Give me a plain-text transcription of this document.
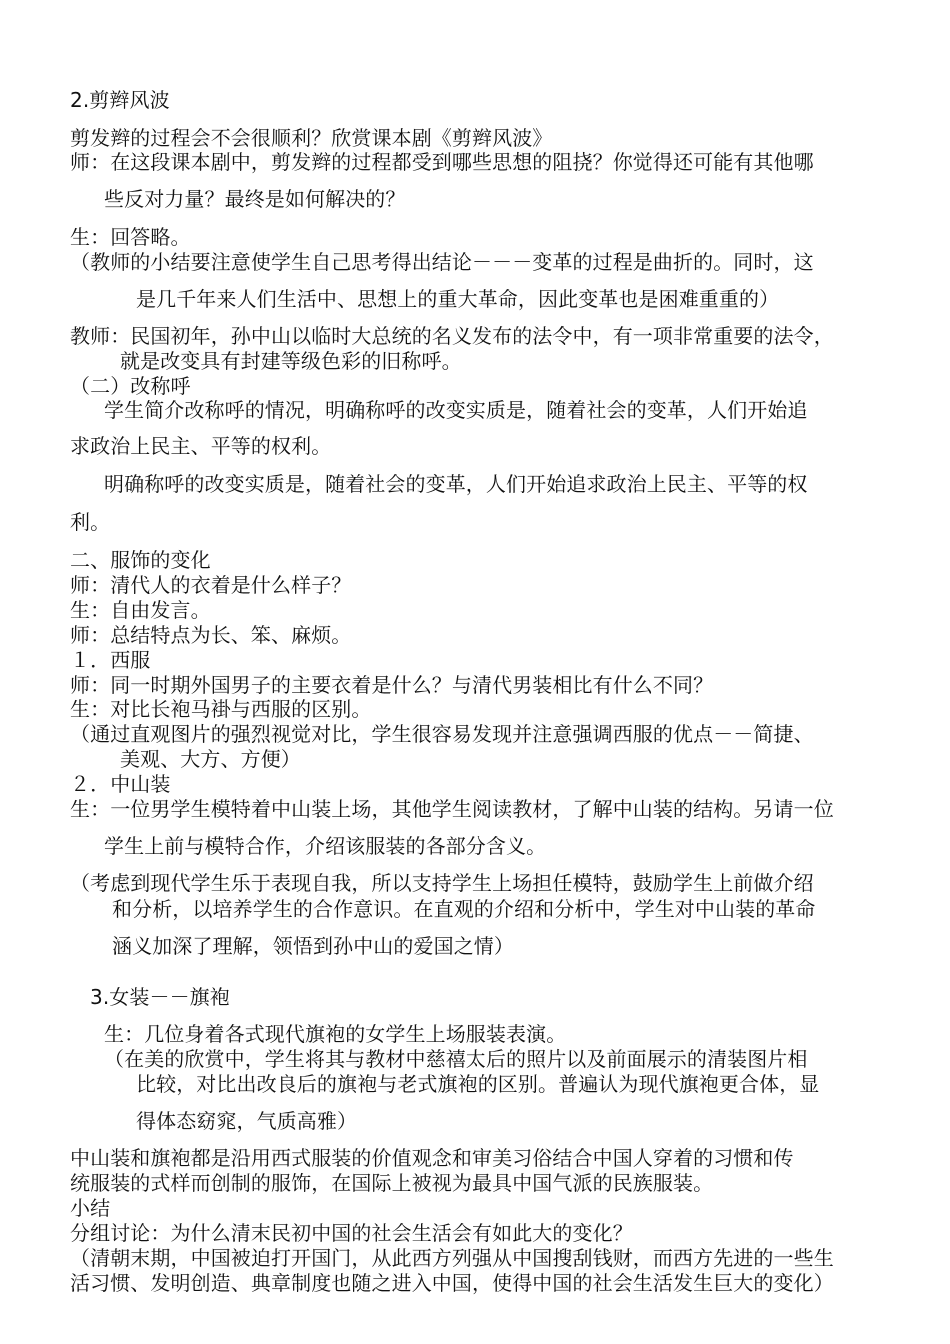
2.剪辫风波

剪发辫的过程会不会很顺利？欣赏课本剧《剪辫风波》

师：在这段课本剧中，剪发辫的过程都受到哪些思想的阻挠？你觉得还可能有其他哪

些反对力量？最终是如何解决的？

生：回答略。

（教师的小结要注意使学生自己思考得出结论－－－变革的过程是曲折的。同时，这

是几千年来人们生活中、思想上的重大革命，因此变革也是困难重重的）

教师：民国初年，孙中山以临时大总统的名义发布的法令中，有一项非常重要的法令，

就是改变具有封建等级色彩的旧称呼。

（二）改称呼

学生简介改称呼的情况，明确称呼的改变实质是，随着社会的变革，人们开始追

求政治上民主、平等的权利。

明确称呼的改变实质是，随着社会的变革，人们开始追求政治上民主、平等的权

利。

二、服饰的变化

师：清代人的衣着是什么样子？

生：自由发言。

师：总结特点为长、笨、麻烦。

１．西服

师：同一时期外国男子的主要衣着是什么？与清代男装相比有什么不同？

生：对比长袍马褂与西服的区别。

（通过直观图片的强烈视觉对比，学生很容易发现并注意强调西服的优点－－简捷、

美观、大方、方便）

２．中山装

生：一位男学生模特着中山装上场，其他学生阅读教材，了解中山装的结构。另请一位

学生上前与模特合作，介绍该服装的各部分含义。

（考虑到现代学生乐于表现自我，所以支持学生上场担任模特，鼓励学生上前做介绍

和分析，以培养学生的合作意识。在直观的介绍和分析中，学生对中山装的革命

涵义加深了理解，领悟到孙中山的爱国之情）

3.女装－－旗袍

生：几位身着各式现代旗袍的女学生上场服装表演。

（在美的欣赏中，学生将其与教材中慈禧太后的照片以及前面展示的清装图片相

比较，对比出改良后的旗袍与老式旗袍的区别。普遍认为现代旗袍更合体，显

得体态窈窕，气质高雅）

中山装和旗袍都是沿用西式服装的价值观念和审美习俗结合中国人穿着的习惯和传

统服装的式样而创制的服饰，在国际上被视为最具中国气派的民族服装。

小结

分组讨论：为什么清末民初中国的社会生活会有如此大的变化？

（清朝末期，中国被迫打开国门，从此西方列强从中国搜刮钱财，而西方先进的一些生

活习惯、发明创造、典章制度也随之进入中国，使得中国的社会生活发生巨大的变化）
